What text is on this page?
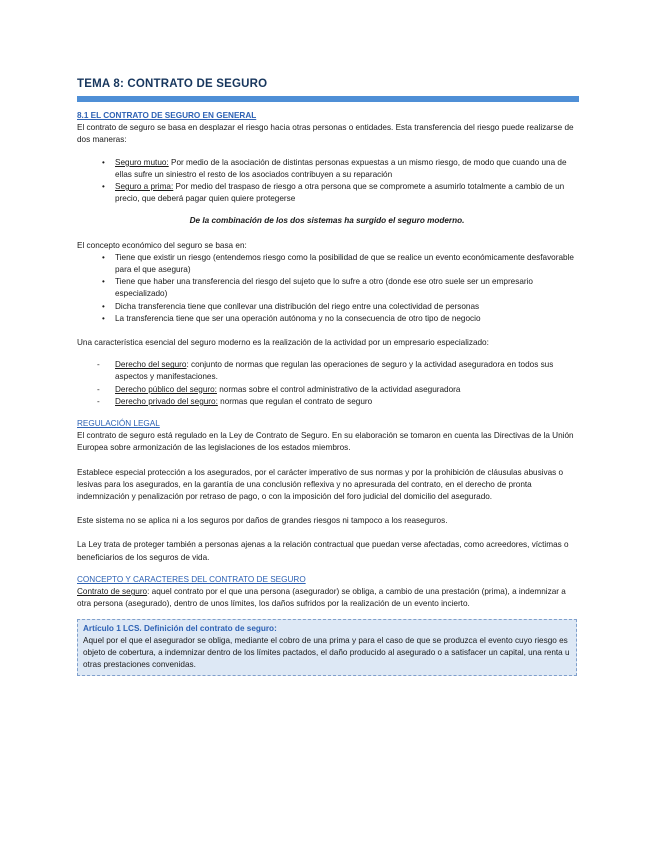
TEMA 8: CONTRATO DE SEGURO

8.1 EL CONTRATO DE SEGURO EN GENERAL

El contrato de seguro se basa en desplazar el riesgo hacia otras personas o entidades. Esta transferencia del riesgo puede realizarse de dos maneras:

• Seguro mutuo: Por medio de la asociación de distintas personas expuestas a un mismo riesgo, de modo que cuando una de ellas sufre un siniestro el resto de los asociados contribuyen a su reparación
• Seguro a prima: Por medio del traspaso de riesgo a otra persona que se compromete a asumirlo totalmente a cambio de un precio, que deberá pagar quien quiere protegerse

De la combinación de los dos sistemas ha surgido el seguro moderno.

El concepto económico del seguro se basa en:

• Tiene que existir un riesgo (entendemos riesgo como la posibilidad de que se realice un evento económicamente desfavorable para el que asegura)
• Tiene que haber una transferencia del riesgo del sujeto que lo sufre a otro (donde ese otro suele ser un empresario especializado)
• Dicha transferencia tiene que conllevar una distribución del riego entre una colectividad de personas
• La transferencia tiene que ser una operación autónoma y no la consecuencia de otro tipo de negocio

Una característica esencial del seguro moderno es la realización de la actividad por un empresario especializado:

- Derecho del seguro: conjunto de normas que regulan las operaciones de seguro y la actividad aseguradora en todos sus aspectos y manifestaciones.
- Derecho público del seguro: normas sobre el control administrativo de la actividad aseguradora
- Derecho privado del seguro: normas que regulan el contrato de seguro

REGULACIÓN LEGAL

El contrato de seguro está regulado en la Ley de Contrato de Seguro. En su elaboración se tomaron en cuenta las Directivas de la Unión Europea sobre armonización de las legislaciones de los estados miembros.

Establece especial protección a los asegurados, por el carácter imperativo de sus normas y por la prohibición de cláusulas abusivas o lesivas para los asegurados, en la garantía de una conclusión reflexiva y no apresurada del contrato, en el derecho de pronta indemnización y penalización por retraso de pago, o con la imposición del foro judicial del domicilio del asegurado.

Este sistema no se aplica ni a los seguros por daños de grandes riesgos ni tampoco a los reaseguros.

La Ley trata de proteger también a personas ajenas a la relación contractual que puedan verse afectadas, como acreedores, víctimas o beneficiarios de los seguros de vida.

CONCEPTO Y CARACTERES DEL CONTRATO DE SEGURO

Contrato de seguro: aquel contrato por el que una persona (asegurador) se obliga, a cambio de una prestación (prima), a indemnizar a otra persona (asegurado), dentro de unos límites, los daños sufridos por la realización de un evento incierto.

Artículo 1 LCS. Definición del contrato de seguro:

Aquel por el que el asegurador se obliga, mediante el cobro de una prima y para el caso de que se produzca el evento cuyo riesgo es objeto de cobertura, a indemnizar dentro de los límites pactados, el daño producido al asegurado o a satisfacer un capital, una renta u otras prestaciones convenidas.
